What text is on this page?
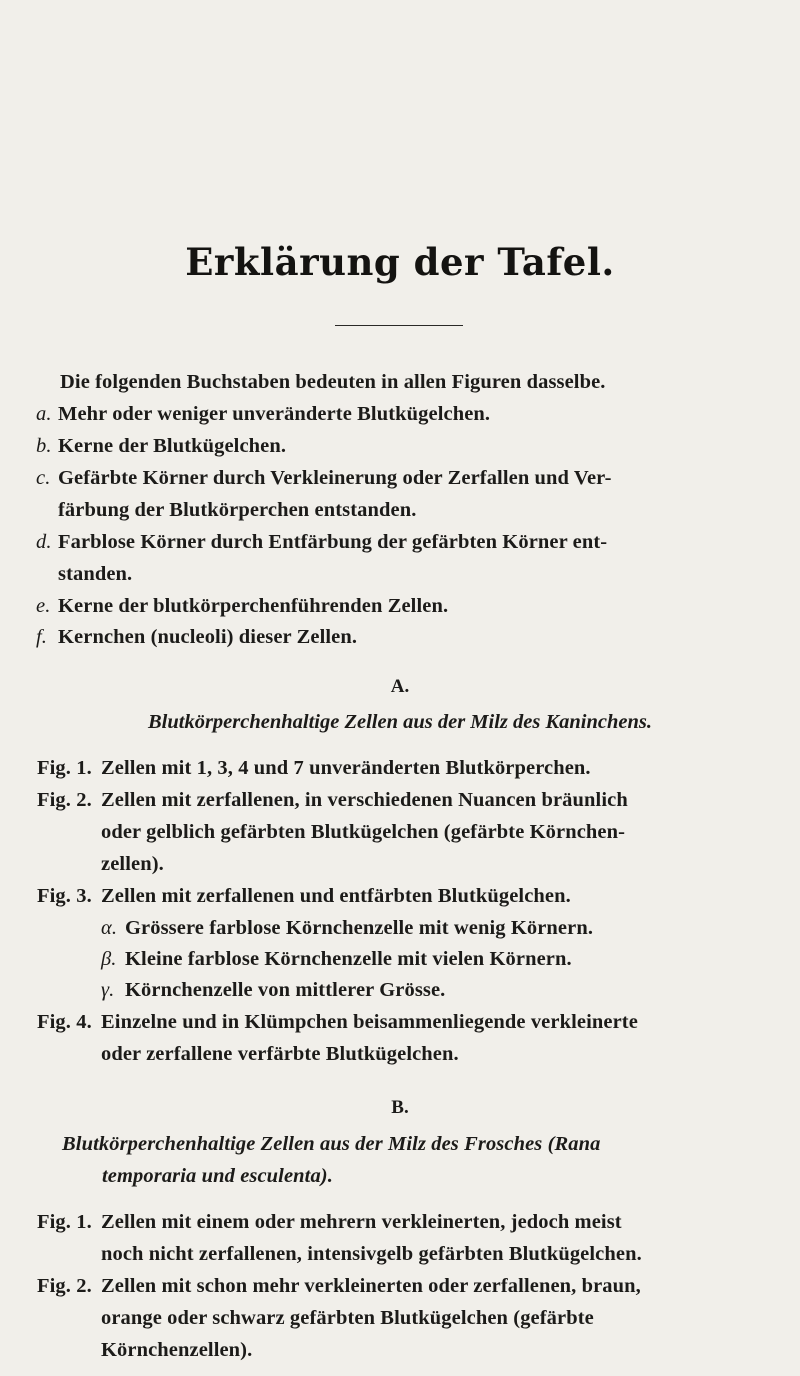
Erklärung der Tafel.
Die folgenden Buchstaben bedeuten in allen Figuren dasselbe.
a. Mehr oder weniger unveränderte Blutkügelchen.
b. Kerne der Blutkügelchen.
c. Gefärbte Körner durch Verkleinerung oder Zerfallen und Ver-
färbung der Blutkörperchen entstanden.
d. Farblose Körner durch Entfärbung der gefärbten Körner ent-
standen.
e. Kerne der blutkörperchenführenden Zellen.
f. Kernchen (nucleoli) dieser Zellen.
A.
Blutkörperchenhaltige Zellen aus der Milz des Kaninchens.
Fig. 1. Zellen mit 1, 3, 4 und 7 unveränderten Blutkörperchen.
Fig. 2. Zellen mit zerfallenen, in verschiedenen Nuancen bräunlich
oder gelblich gefärbten Blutkügelchen (gefärbte Körnchen-
zellen).
Fig. 3. Zellen mit zerfallenen und entfärbten Blutkügelchen.
α. Grössere farblose Körnchenzelle mit wenig Körnern.
β. Kleine farblose Körnchenzelle mit vielen Körnern.
γ. Körnchenzelle von mittlerer Grösse.
Fig. 4. Einzelne und in Klümpchen beisammenliegende verkleinerte
oder zerfallene verfärbte Blutkügelchen.
B.
Blutkörperchenhaltige Zellen aus der Milz des Frosches (Rana
temporaria und esculenta).
Fig. 1. Zellen mit einem oder mehrern verkleinerten, jedoch meist
noch nicht zerfallenen, intensivgelb gefärbten Blutkügelchen.
Fig. 2. Zellen mit schon mehr verkleinerten oder zerfallenen, braun,
orange oder schwarz gefärbten Blutkügelchen (gefärbte
Körnchenzellen).
